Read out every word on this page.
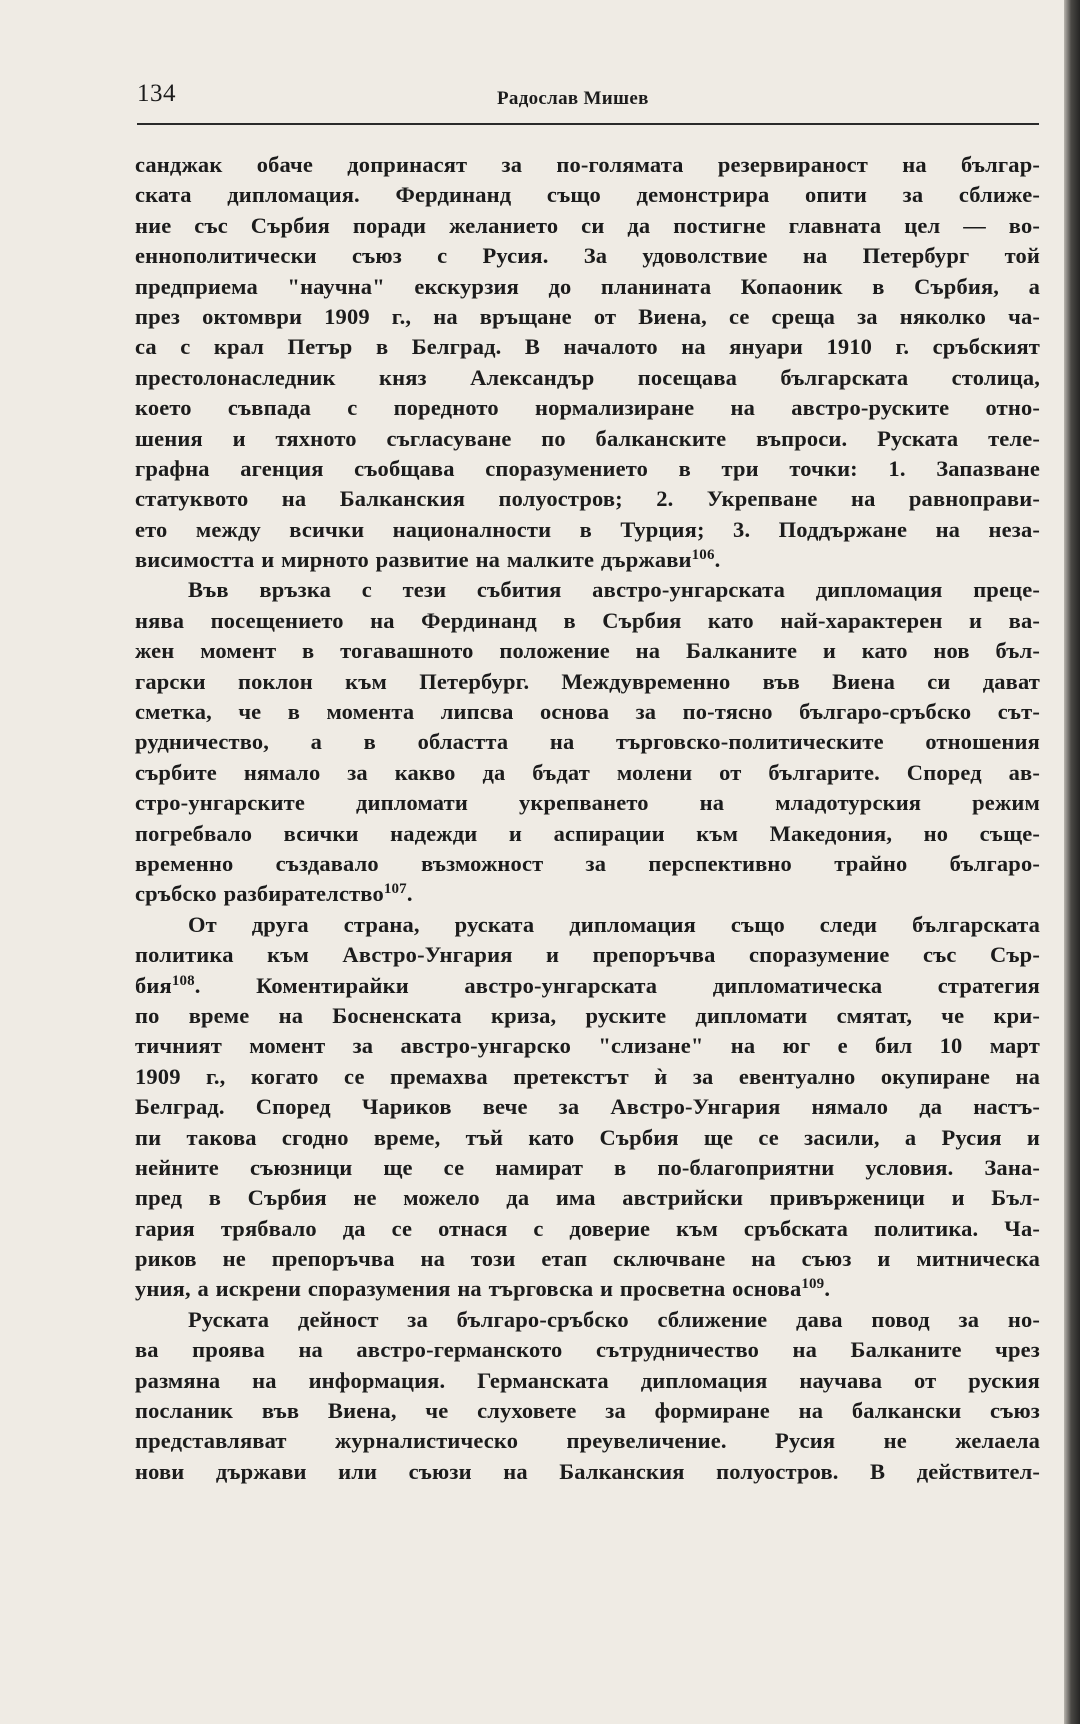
134	Радослав Мишев
санджак обаче допринасят за по-голямата резервираност на българ-
ската дипломация. Фердинанд също демонстрира опити за сближе-
ние със Сърбия поради желанието си да постигне главната цел — во-
еннополитически съюз с Русия. За удоволствие на Петербург той
предприема "научна" екскурзия до планината Копаоник в Сърбия, а
през октомври 1909 г., на връщане от Виена, се среща за няколко ча-
са с крал Петър в Белград. В началото на януари 1910 г. сръбският
престолонаследник княз Александър посещава българската столица,
което съвпада с поредното нормализиране на австро-руските отно-
шения и тяхното съгласуване по балканските въпроси. Руската теле-
графна агенция съобщава споразумението в три точки: 1. Запазване
статуквото на Балканския полуостров; 2. Укрепване на равноправи-
ето между всички националности в Турция; 3. Поддържане на неза-
висимостта и мирното развитие на малките държави$^{106}$.
Във връзка с тези събития австро-унгарската дипломация преце-
нява посещението на Фердинанд в Сърбия като най-характерен и ва-
жен момент в тогавашното положение на Балканите и като нов бъл-
гарски поклон към Петербург. Междувременно във Виена си дават
сметка, че в момента липсва основа за по-тясно българо-сръбско сът-
рудничество, а в областта на търговско-политическите отношения
сърбите нямало за какво да бъдат молени от българите. Според ав-
стро-унгарските дипломати укрепването на младотурския режим
погребвало всички надежди и аспирации към Македония, но съще-
временно създавало възможност за перспективно трайно българо-
сръбско разбирателство$^{107}$.
От друга страна, руската дипломация също следи българската
политика към Австро-Унгария и препоръчва споразумение със Сър-
бия$^{108}$. Коментирайки австро-унгарската дипломатическа стратегия
по време на Босненската криза, руските дипломати смятат, че кри-
тичният момент за австро-унгарско "слизане" на юг е бил 10 март
1909 г., когато се премахва претекстът ѝ за евентуално окупиране на
Белград. Според Чариков вече за Австро-Унгария нямало да настъ-
пи такова сгодно време, тъй като Сърбия ще се засили, а Русия и
нейните съюзници ще се намират в по-благоприятни условия. Зана-
пред в Сърбия не можело да има австрийски привърженици и Бъл-
гария трябвало да се отнася с доверие към сръбската политика. Ча-
риков не препоръчва на този етап сключване на съюз и митническа
уния, а искрени споразумения на търговска и просветна основа$^{109}$.
Руската дейност за българо-сръбско сближение дава повод за но-
ва проява на австро-германското сътрудничество на Балканите чрез
размяна на информация. Германската дипломация научава от руския
посланик във Виена, че слуховете за формиране на балкански съюз
представляват журналистическо преувеличение. Русия не желаела
нови държави или съюзи на Балканския полуостров. В действител-
